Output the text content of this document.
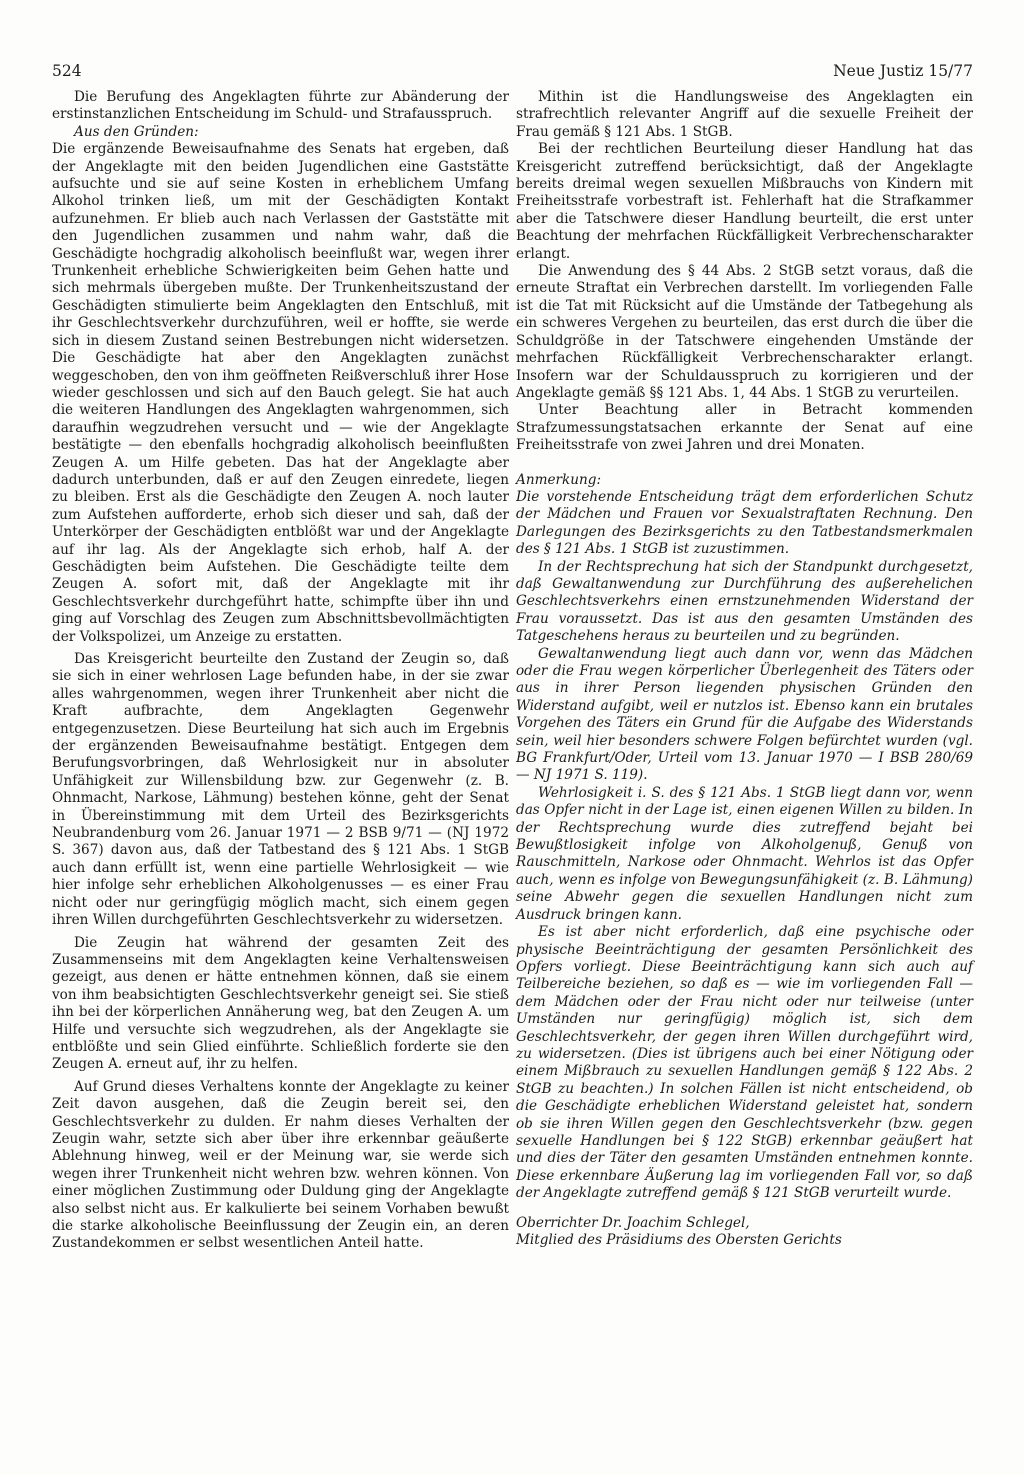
524	Neue Justiz 15/77

Die Berufung des Angeklagten führte zur Abänderung der erstinstanzlichen Entscheidung im Schuld- und Strafausspruch.

Aus den Gründen:

Die ergänzende Beweisaufnahme des Senats hat ergeben, daß der Angeklagte mit den beiden Jugendlichen eine Gaststätte aufsuchte und sie auf seine Kosten in erheblichem Umfang Alkohol trinken ließ, um mit der Geschädigten Kontakt aufzunehmen. Er blieb auch nach Verlassen der Gaststätte mit den Jugendlichen zusammen und nahm wahr, daß die Geschädigte hochgradig alkoholisch beeinflußt war, wegen ihrer Trunkenheit erhebliche Schwierigkeiten beim Gehen hatte und sich mehrmals übergeben mußte. Der Trunkenheitszustand der Geschädigten stimulierte beim Angeklagten den Entschluß, mit ihr Geschlechtsverkehr durchzuführen, weil er hoffte, sie werde sich in diesem Zustand seinen Bestrebungen nicht widersetzen. Die Geschädigte hat aber den Angeklagten zunächst weggeschoben, den von ihm geöffneten Reißverschluß ihrer Hose wieder geschlossen und sich auf den Bauch gelegt. Sie hat auch die weiteren Handlungen des Angeklagten wahrgenommen, sich daraufhin wegzudrehen versucht und — wie der Angeklagte bestätigte — den ebenfalls hochgradig alkoholisch beeinflußten Zeugen A. um Hilfe gebeten. Das hat der Angeklagte aber dadurch unterbunden, daß er auf den Zeugen einredete, liegen zu bleiben. Erst als die Geschädigte den Zeugen A. noch lauter zum Aufstehen aufforderte, erhob sich dieser und sah, daß der Unterkörper der Geschädigten entblößt war und der Angeklagte auf ihr lag. Als der Angeklagte sich erhob, half A. der Geschädigten beim Aufstehen. Die Geschädigte teilte dem Zeugen A. sofort mit, daß der Angeklagte mit ihr Geschlechtsverkehr durchgeführt hatte, schimpfte über ihn und ging auf Vorschlag des Zeugen zum Abschnittsbevollmächtigten der Volkspolizei, um Anzeige zu erstatten.

Das Kreisgericht beurteilte den Zustand der Zeugin so, daß sie sich in einer wehrlosen Lage befunden habe, in der sie zwar alles wahrgenommen, wegen ihrer Trunkenheit aber nicht die Kraft aufbrachte, dem Angeklagten Gegenwehr entgegenzusetzen. Diese Beurteilung hat sich auch im Ergebnis der ergänzenden Beweisaufnahme bestätigt. Entgegen dem Berufungsvorbringen, daß Wehrlosigkeit nur in absoluter Unfähigkeit zur Willensbildung bzw. zur Gegenwehr (z. B. Ohnmacht, Narkose, Lähmung) bestehen könne, geht der Senat in Übereinstimmung mit dem Urteil des Bezirksgerichts Neubrandenburg vom 26. Januar 1971 — 2 BSB 9/71 — (NJ 1972 S. 367) davon aus, daß der Tatbestand des § 121 Abs. 1 StGB auch dann erfüllt ist, wenn eine partielle Wehrlosigkeit — wie hier infolge sehr erheblichen Alkoholgenusses — es einer Frau nicht oder nur geringfügig möglich macht, sich einem gegen ihren Willen durchgeführten Geschlechtsverkehr zu widersetzen.

Die Zeugin hat während der gesamten Zeit des Zusammenseins mit dem Angeklagten keine Verhaltensweisen gezeigt, aus denen er hätte entnehmen können, daß sie einem von ihm beabsichtigten Geschlechtsverkehr geneigt sei. Sie stieß ihn bei der körperlichen Annäherung weg, bat den Zeugen A. um Hilfe und versuchte sich wegzudrehen, als der Angeklagte sie entblößte und sein Glied einführte. Schließlich forderte sie den Zeugen A. erneut auf, ihr zu helfen.

Auf Grund dieses Verhaltens konnte der Angeklagte zu keiner Zeit davon ausgehen, daß die Zeugin bereit sei, den Geschlechtsverkehr zu dulden. Er nahm dieses Verhalten der Zeugin wahr, setzte sich aber über ihre erkennbar geäußerte Ablehnung hinweg, weil er der Meinung war, sie werde sich wegen ihrer Trunkenheit nicht wehren bzw. wehren können. Von einer möglichen Zustimmung oder Duldung ging der Angeklagte also selbst nicht aus. Er kalkulierte bei seinem Vorhaben bewußt die starke alkoholische Beeinflussung der Zeugin ein, an deren Zustandekommen er selbst wesentlichen Anteil hatte.

Mithin ist die Handlungsweise des Angeklagten ein strafrechtlich relevanter Angriff auf die sexuelle Freiheit der Frau gemäß § 121 Abs. 1 StGB.

Bei der rechtlichen Beurteilung dieser Handlung hat das Kreisgericht zutreffend berücksichtigt, daß der Angeklagte bereits dreimal wegen sexuellen Mißbrauchs von Kindern mit Freiheitsstrafe vorbestraft ist. Fehlerhaft hat die Strafkammer aber die Tatschwere dieser Handlung beurteilt, die erst unter Beachtung der mehrfachen Rückfälligkeit Verbrechenscharakter erlangt.

Die Anwendung des § 44 Abs. 2 StGB setzt voraus, daß die erneute Straftat ein Verbrechen darstellt. Im vorliegenden Falle ist die Tat mit Rücksicht auf die Umstände der Tatbegehung als ein schweres Vergehen zu beurteilen, das erst durch die über die Schuldgröße in der Tatschwere eingehenden Umstände der mehrfachen Rückfälligkeit Verbrechenscharakter erlangt. Insofern war der Schuldausspruch zu korrigieren und der Angeklagte gemäß §§ 121 Abs. 1, 44 Abs. 1 StGB zu verurteilen.

Unter Beachtung aller in Betracht kommenden Strafzumessungstatsachen erkannte der Senat auf eine Freiheitsstrafe von zwei Jahren und drei Monaten.

Anmerkung:

Die vorstehende Entscheidung trägt dem erforderlichen Schutz der Mädchen und Frauen vor Sexualstraftaten Rechnung. Den Darlegungen des Bezirksgerichts zu den Tatbestandsmerkmalen des § 121 Abs. 1 StGB ist zuzustimmen.

In der Rechtsprechung hat sich der Standpunkt durchgesetzt, daß Gewaltanwendung zur Durchführung des außerehelichen Geschlechtsverkehrs einen ernstzunehmenden Widerstand der Frau voraussetzt. Das ist aus den gesamten Umständen des Tatgeschehens heraus zu beurteilen und zu begründen.

Gewaltanwendung liegt auch dann vor, wenn das Mädchen oder die Frau wegen körperlicher Überlegenheit des Täters oder aus in ihrer Person liegenden physischen Gründen den Widerstand aufgibt, weil er nutzlos ist. Ebenso kann ein brutales Vorgehen des Täters ein Grund für die Aufgabe des Widerstands sein, weil hier besonders schwere Folgen befürchtet wurden (vgl. BG Frankfurt/Oder, Urteil vom 13. Januar 1970 — I BSB 280/69 — NJ 1971 S. 119).

Wehrlosigkeit i. S. des § 121 Abs. 1 StGB liegt dann vor, wenn das Opfer nicht in der Lage ist, einen eigenen Willen zu bilden. In der Rechtsprechung wurde dies zutreffend bejaht bei Bewußtlosigkeit infolge von Alkoholgenuß, Genuß von Rauschmitteln, Narkose oder Ohnmacht. Wehrlos ist das Opfer auch, wenn es infolge von Bewegungsunfähigkeit (z. B. Lähmung) seine Abwehr gegen die sexuellen Handlungen nicht zum Ausdruck bringen kann.

Es ist aber nicht erforderlich, daß eine psychische oder physische Beeinträchtigung der gesamten Persönlichkeit des Opfers vorliegt. Diese Beeinträchtigung kann sich auch auf Teilbereiche beziehen, so daß es — wie im vorliegenden Fall — dem Mädchen oder der Frau nicht oder nur teilweise (unter Umständen nur geringfügig) möglich ist, sich dem Geschlechtsverkehr, der gegen ihren Willen durchgeführt wird, zu widersetzen. (Dies ist übrigens auch bei einer Nötigung oder einem Mißbrauch zu sexuellen Handlungen gemäß § 122 Abs. 2 StGB zu beachten.) In solchen Fällen ist nicht entscheidend, ob die Geschädigte erheblichen Widerstand geleistet hat, sondern ob sie ihren Willen gegen den Geschlechtsverkehr (bzw. gegen sexuelle Handlungen bei § 122 StGB) erkennbar geäußert hat und dies der Täter den gesamten Umständen entnehmen konnte. Diese erkennbare Äußerung lag im vorliegenden Fall vor, so daß der Angeklagte zutreffend gemäß § 121 StGB verurteilt wurde.

Oberrichter Dr. Joachim Schlegel,

Mitglied des Präsidiums des Obersten Gerichts
